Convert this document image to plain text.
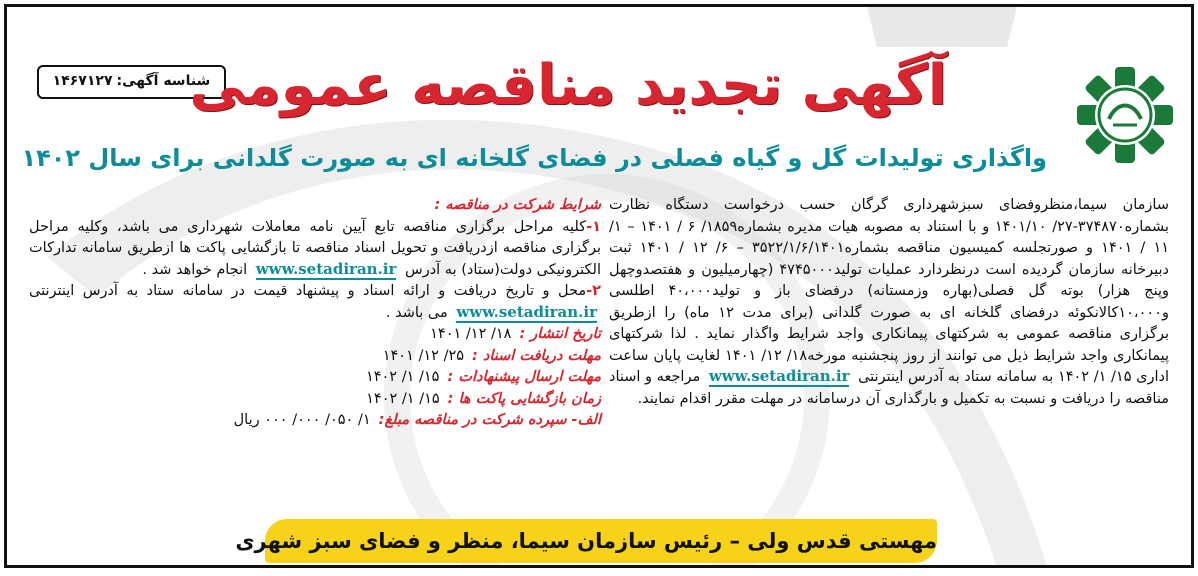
شناسه آگهی:۱۴۶۷۱۲۷	آگهی تجدید مناقصه عمومی
واگذاری تولیدات گل و گیاه فصلی در فضای گلخانه ای به صورت گلدانی برای سال ۱۴۰۲

سازمان سیما،منظروفضای سبزشهرداری گرگان حسب درخواست دستگاه نظارت بشماره۳۷۴۸۷۰-۲۷/ ۱۴۰۱/۱۰ و با استناد به مصوبه هیات مدیره بشماره۱۸۵۹/ ۶ / ۱۴۰۱ – ۱/ ۱۱ / ۱۴۰۱ و صورتجلسه کمیسیون مناقصه بشماره۳۵۲۲/۱/۶/۱۴۰۱ – ۶/ ۱۲ / ۱۴۰۱ ثبت دبیرخانه سازمان گردیده است درنظردارد عملیات تولید۴۷۴۵۰۰۰ (چهارمیلیون و هفتصدوچهل وپنج هزار) بوته گل فصلی(بهاره وزمستانه) درفضای باز و تولید۴۰،۰۰۰ اطلسی و۱۰،۰۰۰کالانکوئه درفضای گلخانه ای به صورت گلدانی (برای مدت ۱۲ ماه) را ازطریق برگزاری مناقصه عمومی به شرکتهای پیمانکاری واجد شرایط واگذار نماید . لذا شرکتهای پیمانکاری واجد شرایط ذیل می توانند از روز پنجشنبه مورخه۱۸/ ۱۲/ ۱۴۰۱ لغایت پایان ساعت اداری ۱۵/ ۱/ ۱۴۰۲ به سامانه ستاد به آدرس اینترنتی www.setadiran.ir مراجعه و اسناد مناقصه را دریافت و نسبت به تکمیل و بارگذاری آن درسامانه در مهلت مقرر اقدام نمایند.

شرایط شرکت در مناقصه :

۱-کلیه مراحل برگزاری مناقصه تابع آیین نامه معاملات شهرداری می باشد، وکلیه مراحل برگزاری مناقصه ازدریافت و تحویل اسناد مناقصه تا بازگشایی پاکت ها ازطریق سامانه تدارکات الکترونیکی دولت(ستاد) به آدرس www.setadiran.ir انجام خواهد شد .

۲-محل و تاریخ دریافت و ارائه اسناد و پیشنهاد قیمت در سامانه ستاد به آدرس اینترنتی www.setadiran.ir می باشد .

تاریخ انتشار :
۱۸/ ۱۲/ ۱۴۰۱
مهلت دریافت اسناد :
۲۵/ ۱۲/ ۱۴۰۱
مهلت ارسال پیشنهادات :
۱۵/ ۱/ ۱۴۰۲
زمان بازگشایی پاکت ها :
۱۵/ ۱/ ۱۴۰۲
الف- سپرده شرکت در مناقصه مبلغ:
۱/ ۰۵۰/ ۰۰۰/ ۰۰۰ ریال
مهستی قدس ولی – رئیس سازمان سیما، منظر و فضای سبز شهری
